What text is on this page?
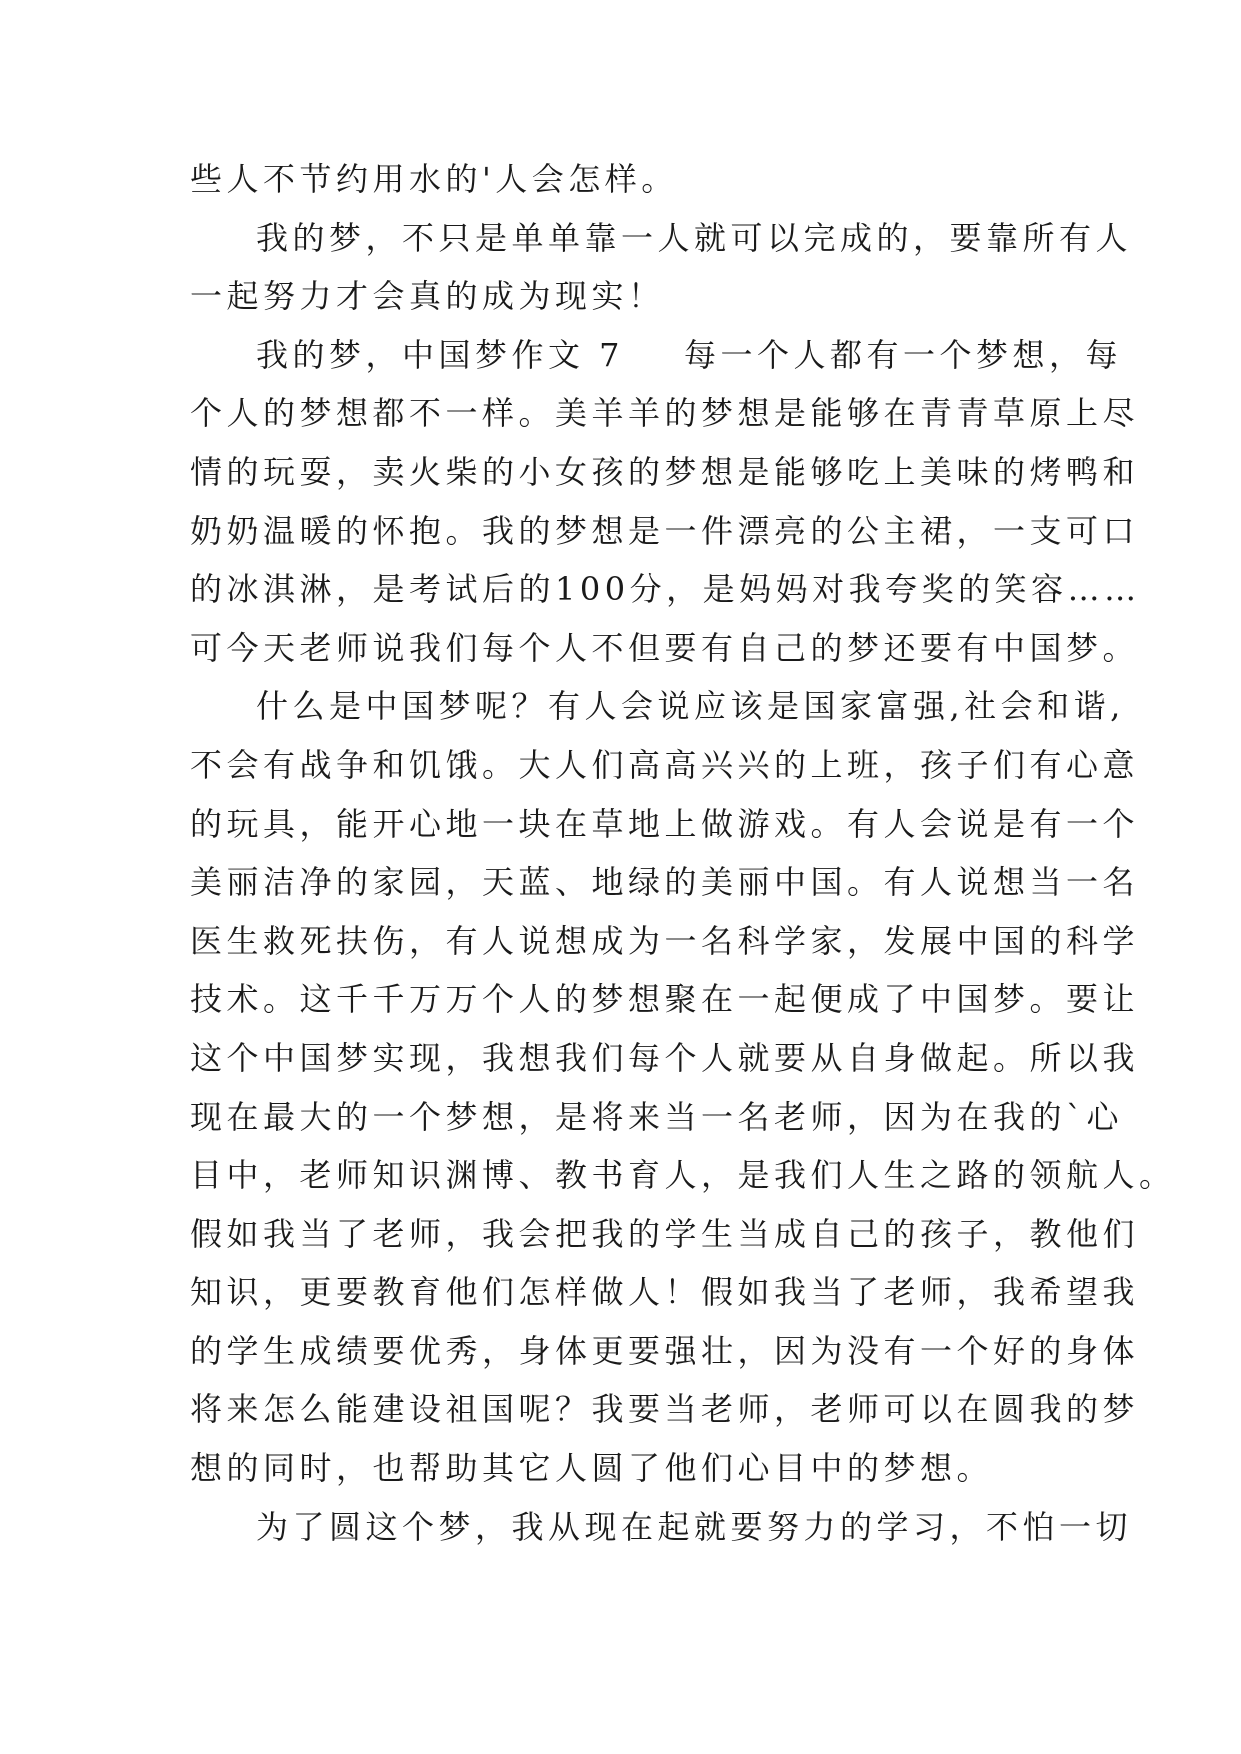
些人不节约用水的'人会怎样。
我的梦，不只是单单靠一人就可以完成的，要靠所有人
一起努力才会真的成为现实！
我的梦，中国梦作文 7 每一个人都有一个梦想，每
个人的梦想都不一样。美羊羊的梦想是能够在青青草原上尽
情的玩耍，卖火柴的小女孩的梦想是能够吃上美味的烤鸭和
奶奶温暖的怀抱。我的梦想是一件漂亮的公主裙，一支可口
的冰淇淋，是考试后的100分，是妈妈对我夸奖的笑容……
可今天老师说我们每个人不但要有自己的梦还要有中国梦。
什么是中国梦呢？有人会说应该是国家富强,社会和谐,
不会有战争和饥饿。大人们高高兴兴的上班，孩子们有心意
的玩具，能开心地一块在草地上做游戏。有人会说是有一个
美丽洁净的家园，天蓝、地绿的美丽中国。有人说想当一名
医生救死扶伤，有人说想成为一名科学家，发展中国的科学
技术。这千千万万个人的梦想聚在一起便成了中国梦。要让
这个中国梦实现，我想我们每个人就要从自身做起。所以我
现在最大的一个梦想，是将来当一名老师，因为在我的`心
目中，老师知识渊博、教书育人，是我们人生之路的领航人。
假如我当了老师，我会把我的学生当成自己的孩子，教他们
知识，更要教育他们怎样做人！假如我当了老师，我希望我
的学生成绩要优秀，身体更要强壮，因为没有一个好的身体
将来怎么能建设祖国呢？我要当老师，老师可以在圆我的梦
想的同时，也帮助其它人圆了他们心目中的梦想。
为了圆这个梦，我从现在起就要努力的学习，不怕一切
